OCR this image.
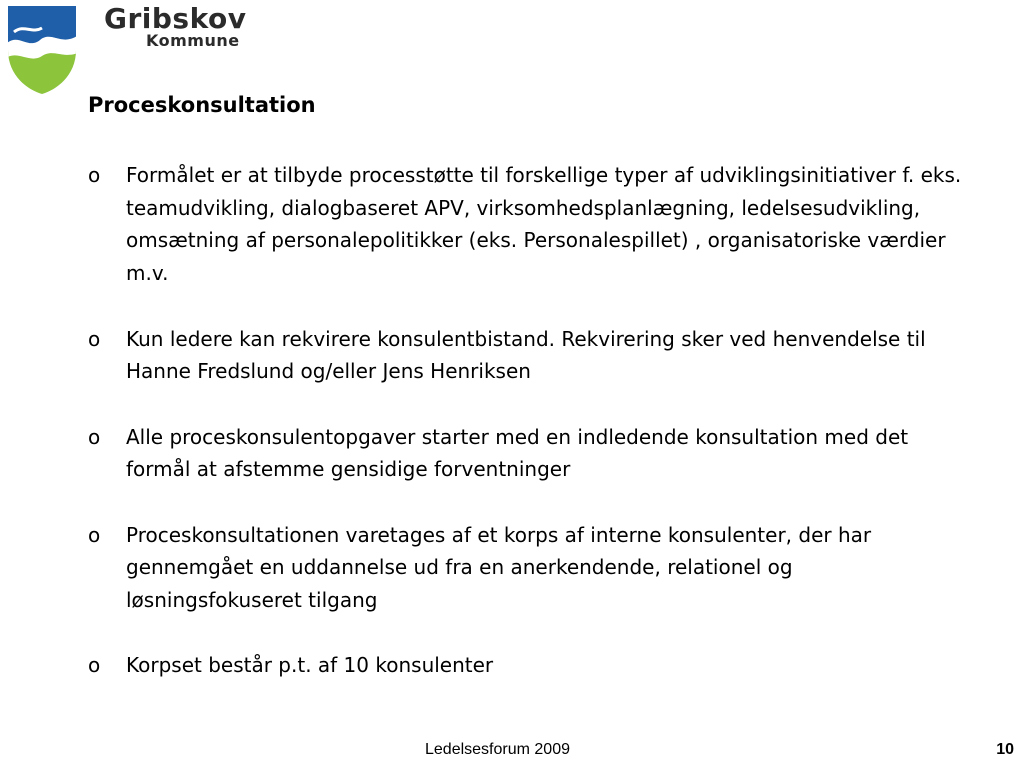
Gribskov
Kommune
Proceskonsultation
o Formålet er at tilbyde processtøtte til forskellige typer af udviklingsinitiativer f. eks. teamudvikling, dialogbaseret APV, virksomhedsplanlægning, ledelsesudvikling, omsætning af personalepolitikker (eks. Personalespillet) , organisatoriske værdier m.v.
o Kun ledere kan rekvirere konsulentbistand. Rekvirering sker ved henvendelse til Hanne Fredslund og/eller Jens Henriksen
o Alle proceskonsulentopgaver starter med en indledende konsultation med det formål at afstemme gensidige forventninger
o Proceskonsultationen varetages af et korps af interne konsulenter, der har gennemgået en uddannelse ud fra en anerkendende, relationel og løsningsfokuseret tilgang
o Korpset består p.t. af 10 konsulenter
Ledelsesforum 2009	10
